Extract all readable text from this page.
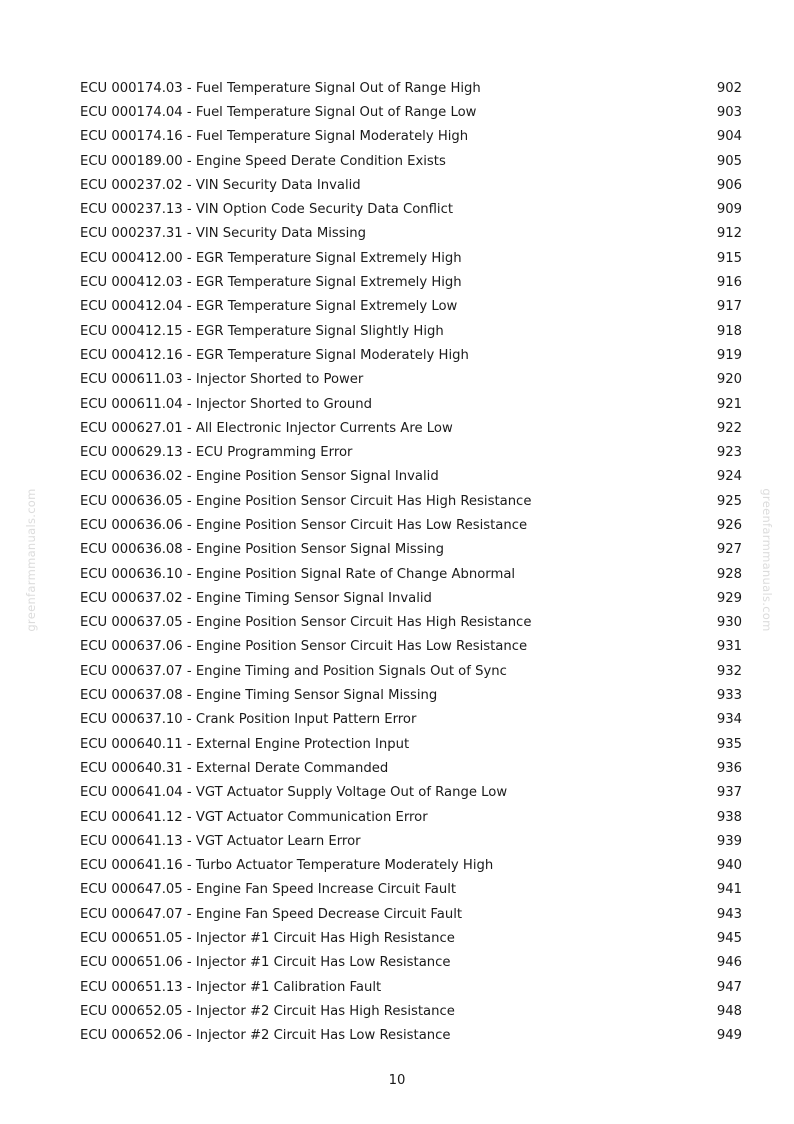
greenfarmmanuals.com	greenfarmmanuals.com
ECU 000174.03 - Fuel Temperature Signal Out of Range High	902
ECU 000174.04 - Fuel Temperature Signal Out of Range Low	903
ECU 000174.16 - Fuel Temperature Signal Moderately High	904
ECU 000189.00 - Engine Speed Derate Condition Exists	905
ECU 000237.02 - VIN Security Data Invalid	906
ECU 000237.13 - VIN Option Code Security Data Conflict	909
ECU 000237.31 - VIN Security Data Missing	912
ECU 000412.00 - EGR Temperature Signal Extremely High	915
ECU 000412.03 - EGR Temperature Signal Extremely High	916
ECU 000412.04 - EGR Temperature Signal Extremely Low	917
ECU 000412.15 - EGR Temperature Signal Slightly High	918
ECU 000412.16 - EGR Temperature Signal Moderately High	919
ECU 000611.03 - Injector Shorted to Power	920
ECU 000611.04 - Injector Shorted to Ground	921
ECU 000627.01 - All Electronic Injector Currents Are Low	922
ECU 000629.13 - ECU Programming Error	923
ECU 000636.02 - Engine Position Sensor Signal Invalid	924
ECU 000636.05 - Engine Position Sensor Circuit Has High Resistance	925
ECU 000636.06 - Engine Position Sensor Circuit Has Low Resistance	926
ECU 000636.08 - Engine Position Sensor Signal Missing	927
ECU 000636.10 - Engine Position Signal Rate of Change Abnormal	928
ECU 000637.02 - Engine Timing Sensor Signal Invalid	929
ECU 000637.05 - Engine Position Sensor Circuit Has High Resistance	930
ECU 000637.06 - Engine Position Sensor Circuit Has Low Resistance	931
ECU 000637.07 - Engine Timing and Position Signals Out of Sync	932
ECU 000637.08 - Engine Timing Sensor Signal Missing	933
ECU 000637.10 - Crank Position Input Pattern Error	934
ECU 000640.11 - External Engine Protection Input	935
ECU 000640.31 - External Derate Commanded	936
ECU 000641.04 - VGT Actuator Supply Voltage Out of Range Low	937
ECU 000641.12 - VGT Actuator Communication Error	938
ECU 000641.13 - VGT Actuator Learn Error	939
ECU 000641.16 - Turbo Actuator Temperature Moderately High	940
ECU 000647.05 - Engine Fan Speed Increase Circuit Fault	941
ECU 000647.07 - Engine Fan Speed Decrease Circuit Fault	943
ECU 000651.05 - Injector #1 Circuit Has High Resistance	945
ECU 000651.06 - Injector #1 Circuit Has Low Resistance	946
ECU 000651.13 - Injector #1 Calibration Fault	947
ECU 000652.05 - Injector #2 Circuit Has High Resistance	948
ECU 000652.06 - Injector #2 Circuit Has Low Resistance	949
10
